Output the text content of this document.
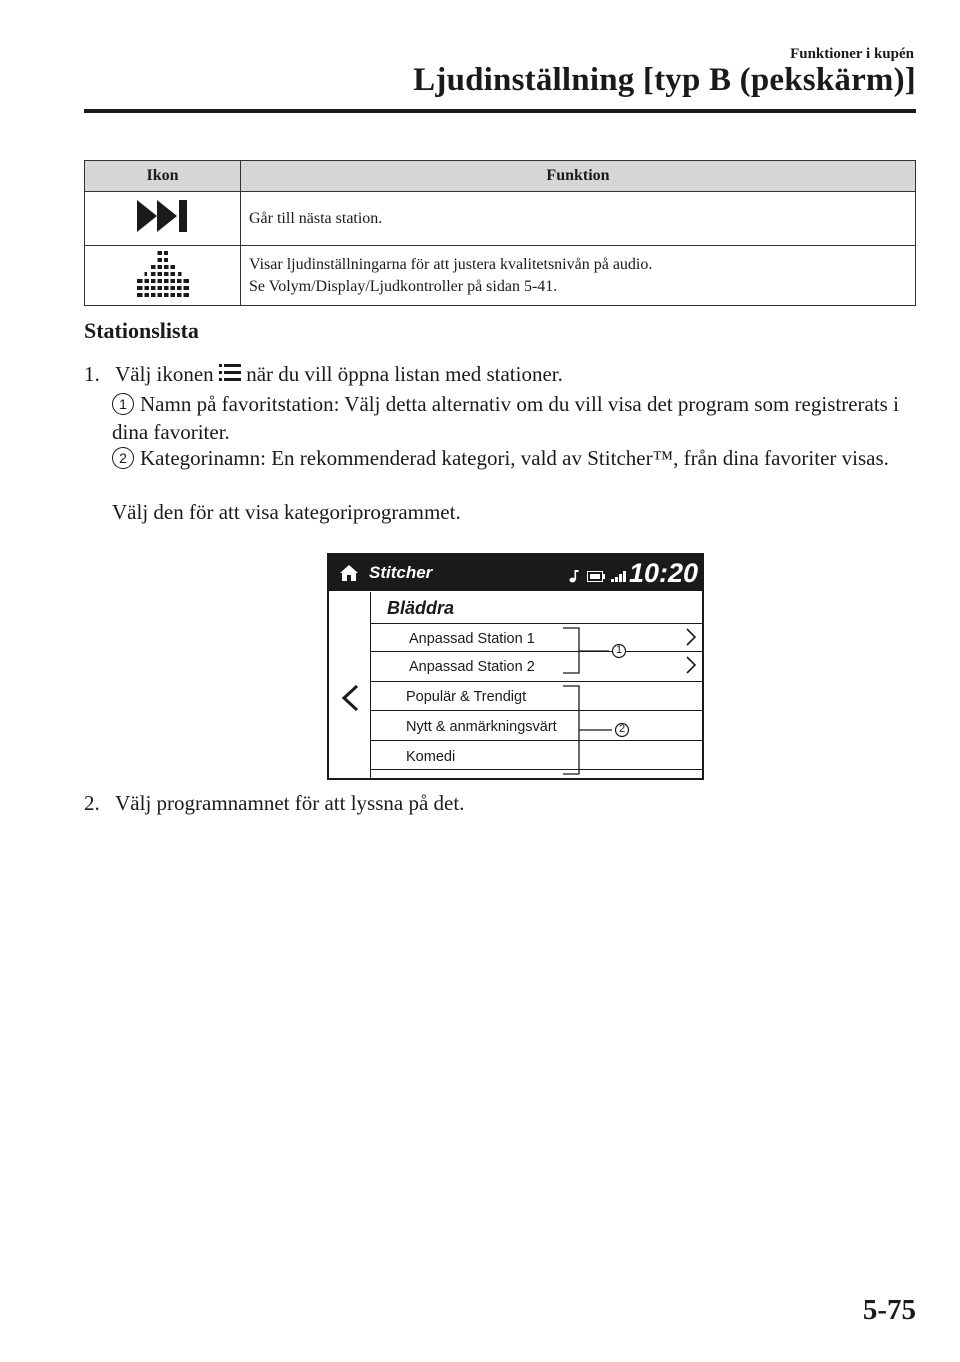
Funktioner i kupén
Ljudinställning [typ B (pekskärm)]
Ikon	Funktion

Går till nästa station.

Visar ljudinställningarna för att justera kvalitetsnivån på audio.
Se Volym/Display/Ljudkontroller på sidan 5-41.
Stationslista
1. Välj ikonen när du vill öppna listan med stationer.
1 Namn på favoritstation: Välj detta alternativ om du vill visa det program som registrerats i dina favoriter.
2 Kategorinamn: En rekommenderad kategori, vald av Stitcher™, från dina favoriter visas.
Välj den för att visa kategoriprogrammet.
Stitcher	10:20
Bläddra
Anpassad Station 1
Anpassad Station 2
Populär & Trendigt
Nytt & anmärkningsvärt
Komedi
1
2
2. Välj programnamnet för att lyssna på det.
5-75
